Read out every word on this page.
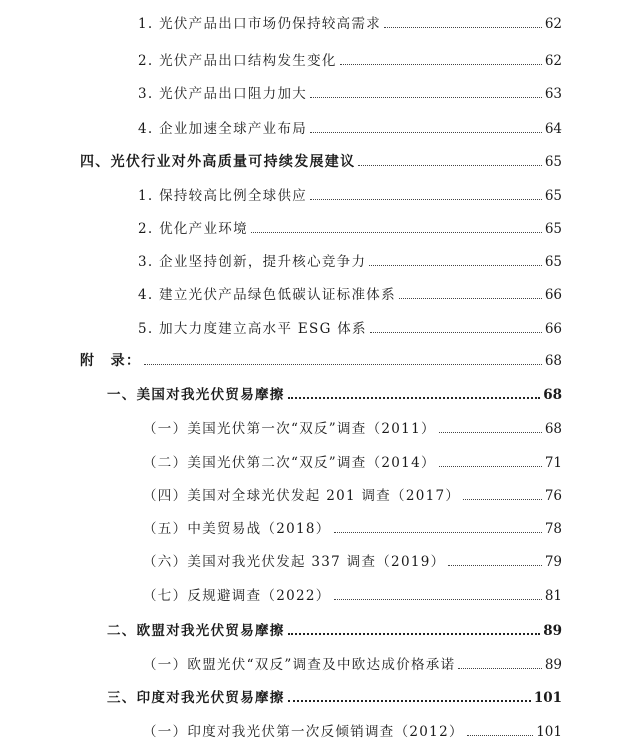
1. 光伏产品出口市场仍保持较高需求	62
2. 光伏产品出口结构发生变化	62
3. 光伏产品出口阻力加大	63
4. 企业加速全球产业布局	64
四、光伏行业对外高质量可持续发展建议	65
1. 保持较高比例全球供应	65
2. 优化产业环境	65
3. 企业坚持创新，提升核心竞争力	65
4. 建立光伏产品绿色低碳认证标准体系	66
5. 加大力度建立高水平 ESG 体系	66
附　录：	68
一、美国对我光伏贸易摩擦	68
（一）美国光伏第一次“双反”调查（2011）	68
（二）美国光伏第二次“双反”调查（2014）	71
（四）美国对全球光伏发起 201 调查（2017）	76
（五）中美贸易战（2018）	78
（六）美国对我光伏发起 337 调查（2019）	79
（七）反规避调查（2022）	81
二、欧盟对我光伏贸易摩擦	89
（一）欧盟光伏“双反”调查及中欧达成价格承诺	89
三、印度对我光伏贸易摩擦	101
（一）印度对我光伏第一次反倾销调查（2012）	101
